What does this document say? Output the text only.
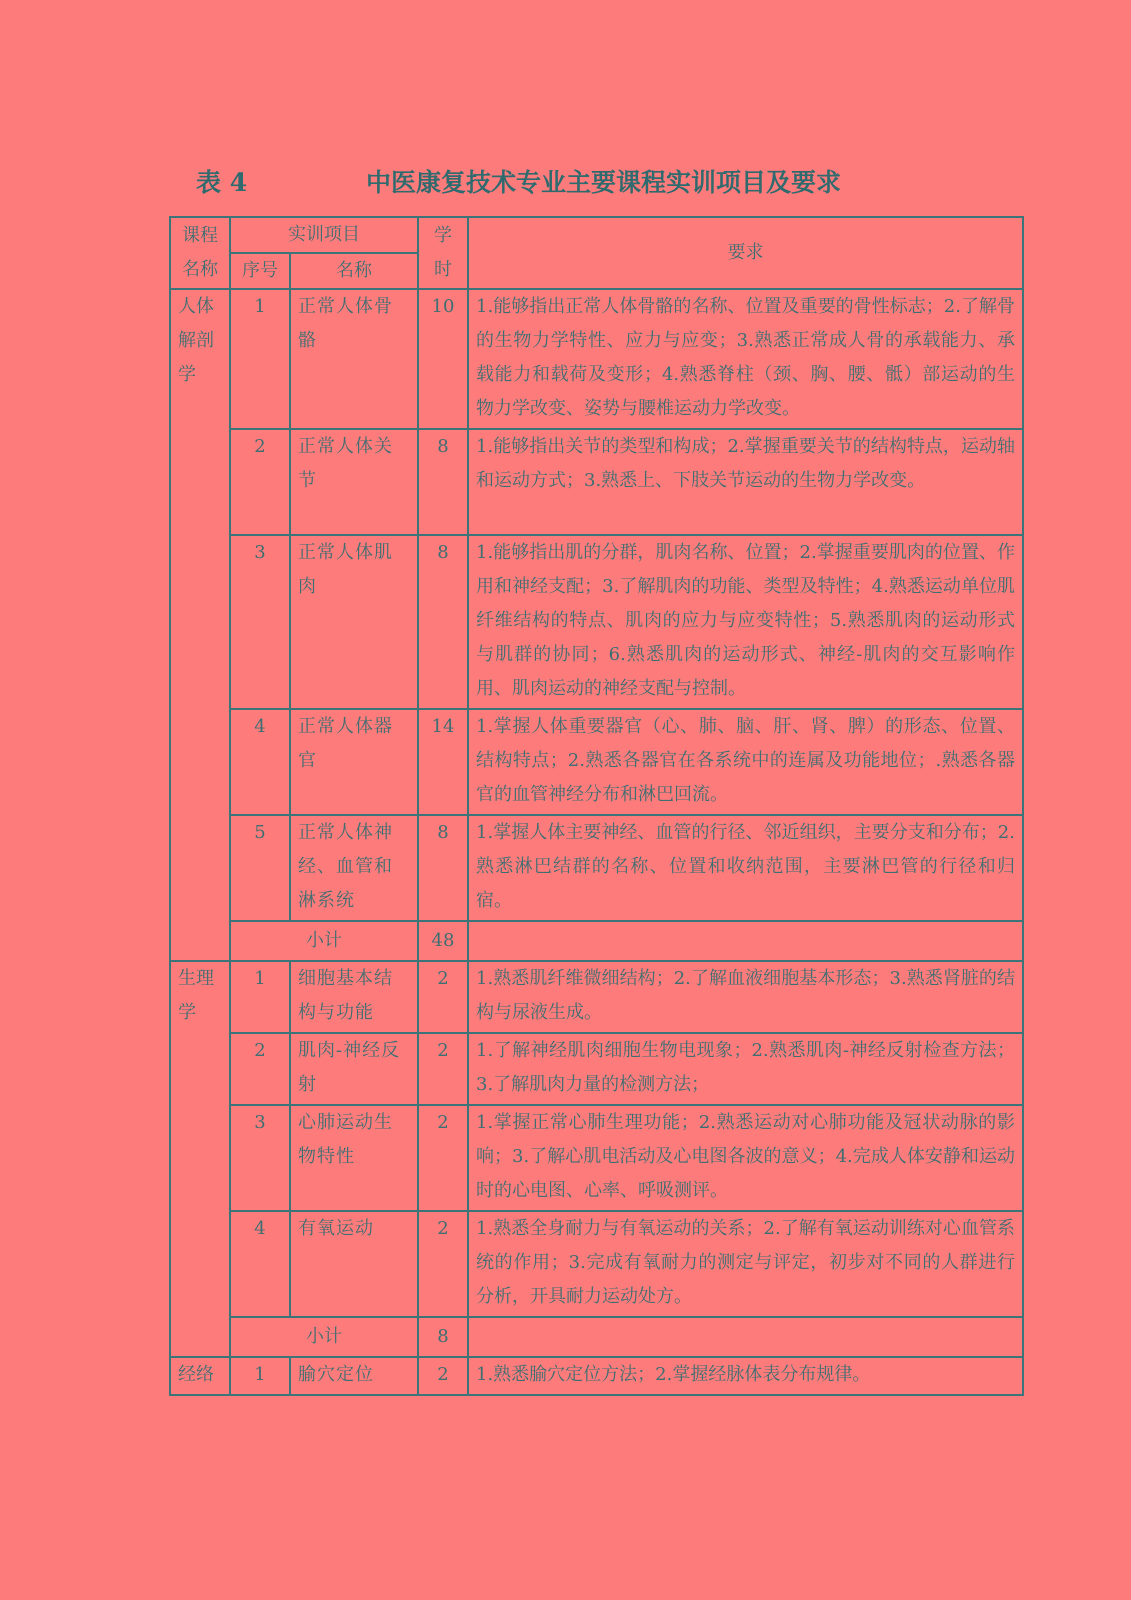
表 4	中医康复技术专业主要课程实训项目及要求
课程名称	实训项目		学时	要求
	序号	名称		
人体解剖学	1	正常人体骨骼	10	1.能够指出正常人体骨骼的名称、位置及重要的骨性标志；2.了解骨的生物力学特性、应力与应变；3.熟悉正常成人骨的承载能力、承载能力和载荷及变形；4.熟悉脊柱（颈、胸、腰、骶）部运动的生物力学改变、姿势与腰椎运动力学改变。
	2	正常人体关节	8	1.能够指出关节的类型和构成；2.掌握重要关节的结构特点，运动轴和运动方式；3.熟悉上、下肢关节运动的生物力学改变。
	3	正常人体肌肉	8	1.能够指出肌的分群，肌肉名称、位置；2.掌握重要肌肉的位置、作用和神经支配；3.了解肌肉的功能、类型及特性；4.熟悉运动单位肌纤维结构的特点、肌肉的应力与应变特性；5.熟悉肌肉的运动形式与肌群的协同；6.熟悉肌肉的运动形式、神经-肌肉的交互影响作用、肌肉运动的神经支配与控制。
	4	正常人体器官	14	1.掌握人体重要器官（心、肺、脑、肝、肾、脾）的形态、位置、结构特点；2.熟悉各器官在各系统中的连属及功能地位；.熟悉各器官的血管神经分布和淋巴回流。
	5	正常人体神经、血管和淋系统	8	1.掌握人体主要神经、血管的行径、邻近组织，主要分支和分布；2.熟悉淋巴结群的名称、位置和收纳范围，主要淋巴管的行径和归宿。
	小计		48	
生理学	1	细胞基本结构与功能	2	1.熟悉肌纤维微细结构；2.了解血液细胞基本形态；3.熟悉肾脏的结构与尿液生成。
	2	肌肉-神经反射	2	1.了解神经肌肉细胞生物电现象；2.熟悉肌肉-神经反射检查方法；3.了解肌肉力量的检测方法；
	3	心肺运动生物特性	2	1.掌握正常心肺生理功能；2.熟悉运动对心肺功能及冠状动脉的影响；3.了解心肌电活动及心电图各波的意义；4.完成人体安静和运动时的心电图、心率、呼吸测评。
	4	有氧运动	2	1.熟悉全身耐力与有氧运动的关系；2.了解有氧运动训练对心血管系统的作用；3.完成有氧耐力的测定与评定，初步对不同的人群进行分析，开具耐力运动处方。
	小计		8	
经络	1	腧穴定位	2	1.熟悉腧穴定位方法；2.掌握经脉体表分布规律。
